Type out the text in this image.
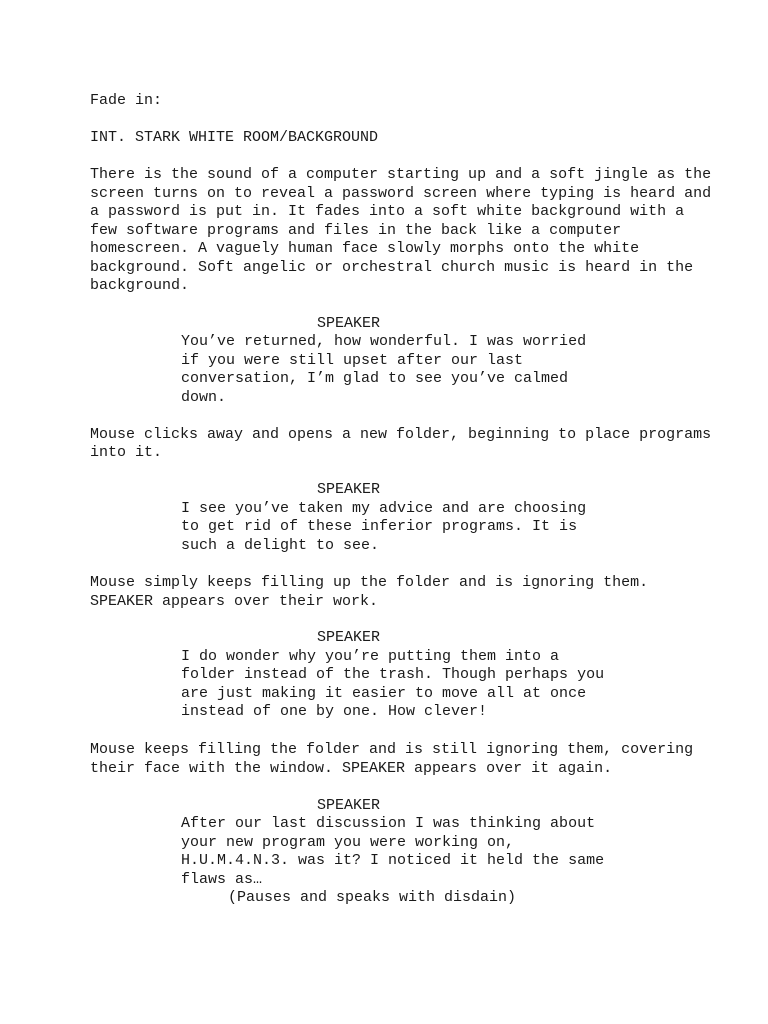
Fade in:
INT. STARK WHITE ROOM/BACKGROUND
There is the sound of a computer starting up and a soft jingle as the
screen turns on to reveal a password screen where typing is heard and
a password is put in. It fades into a soft white background with a
few software programs and files in the back like a computer
homescreen. A vaguely human face slowly morphs onto the white
background. Soft angelic or orchestral church music is heard in the
background.
SPEAKER
You’ve returned, how wonderful. I was worried
if you were still upset after our last
conversation, I’m glad to see you’ve calmed
down.
Mouse clicks away and opens a new folder, beginning to place programs
into it.
SPEAKER
I see you’ve taken my advice and are choosing
to get rid of these inferior programs. It is
such a delight to see.
Mouse simply keeps filling up the folder and is ignoring them.
SPEAKER appears over their work.
SPEAKER
I do wonder why you’re putting them into a
folder instead of the trash. Though perhaps you
are just making it easier to move all at once
instead of one by one. How clever!
Mouse keeps filling the folder and is still ignoring them, covering
their face with the window. SPEAKER appears over it again.
SPEAKER
After our last discussion I was thinking about
your new program you were working on,
H.U.M.4.N.3. was it? I noticed it held the same
flaws as…
(Pauses and speaks with disdain)
